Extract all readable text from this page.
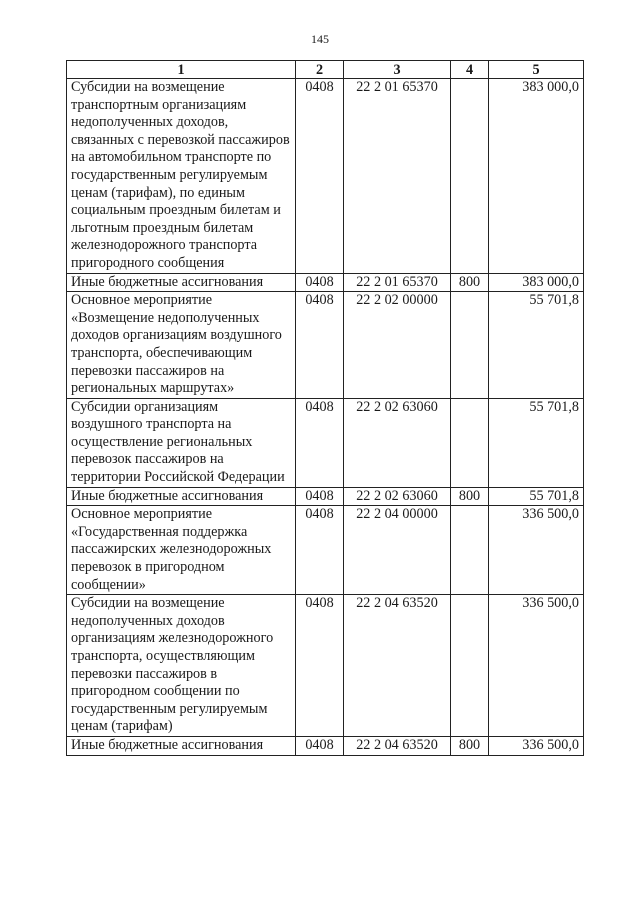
145
1	2	3	4	5
Субсидии на возмещение транспортным организациям недополученных доходов, связанных с перевозкой пассажиров на автомобильном транспорте по государственным регулируемым ценам (тарифам), по единым социальным проездным билетам и льготным проездным билетам железнодорожного транспорта пригородного сообщения	0408	22 2 01 65370		383 000,0
Иные бюджетные ассигнования	0408	22 2 01 65370	800	383 000,0
Основное мероприятие «Возмещение недополученных доходов организациям воздушного транспорта, обеспечивающим перевозки пассажиров на региональных маршрутах»	0408	22 2 02 00000		55 701,8
Субсидии организациям воздушного транспорта на осуществление региональных перевозок пассажиров на территории Российской Федерации	0408	22 2 02 63060		55 701,8
Иные бюджетные ассигнования	0408	22 2 02 63060	800	55 701,8
Основное мероприятие «Государственная поддержка пассажирских железнодорожных перевозок в пригородном сообщении»	0408	22 2 04 00000		336 500,0
Субсидии на возмещение недополученных доходов организациям железнодорожного транспорта, осуществляющим перевозки пассажиров в пригородном сообщении по государственным регулируемым ценам (тарифам)	0408	22 2 04 63520		336 500,0
Иные бюджетные ассигнования	0408	22 2 04 63520	800	336 500,0
